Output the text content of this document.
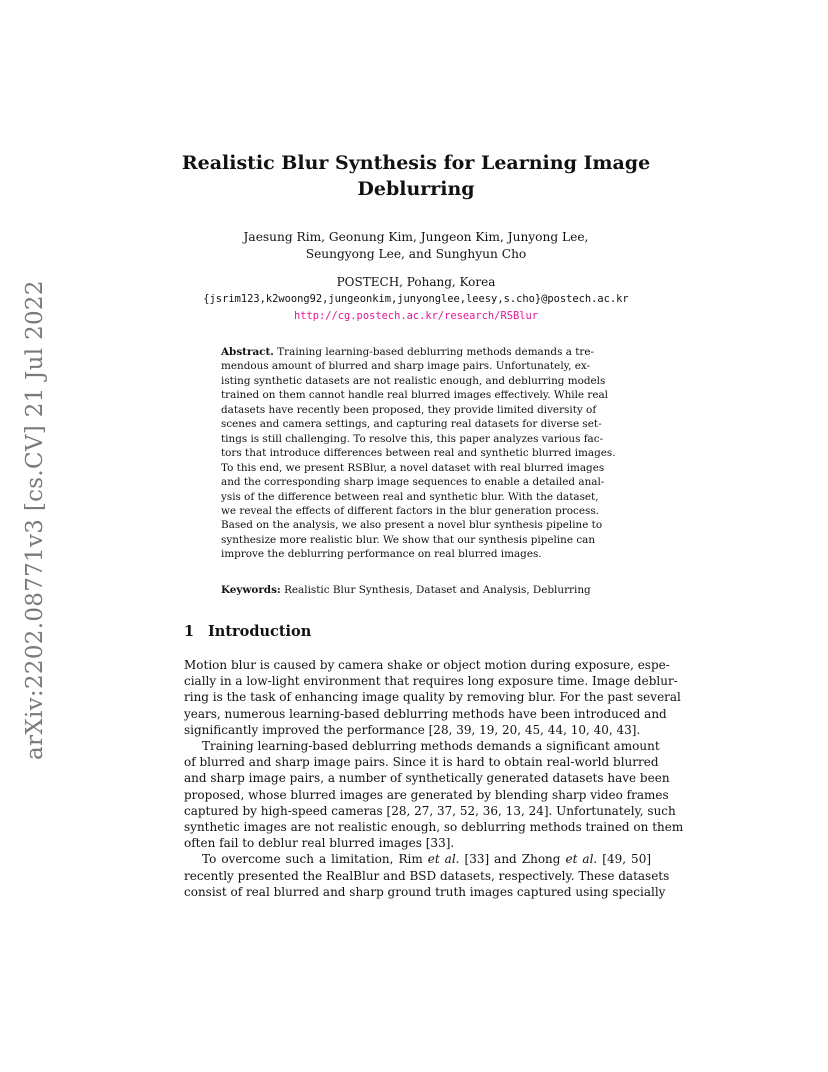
arXiv:2202.08771v3 [cs.CV] 21 Jul 2022
Realistic Blur Synthesis for Learning Image
Deblurring
Jaesung Rim, Geonung Kim, Jungeon Kim, Junyong Lee,
Seungyong Lee, and Sunghyun Cho
POSTECH, Pohang, Korea
{jsrim123,k2woong92,jungeonkim,junyonglee,leesy,s.cho}@postech.ac.kr
http://cg.postech.ac.kr/research/RSBlur
Abstract. Training learning-based deblurring methods demands a tre-
mendous amount of blurred and sharp image pairs. Unfortunately, ex-
isting synthetic datasets are not realistic enough, and deblurring models
trained on them cannot handle real blurred images effectively. While real
datasets have recently been proposed, they provide limited diversity of
scenes and camera settings, and capturing real datasets for diverse set-
tings is still challenging. To resolve this, this paper analyzes various fac-
tors that introduce differences between real and synthetic blurred images.
To this end, we present RSBlur, a novel dataset with real blurred images
and the corresponding sharp image sequences to enable a detailed anal-
ysis of the difference between real and synthetic blur. With the dataset,
we reveal the effects of different factors in the blur generation process.
Based on the analysis, we also present a novel blur synthesis pipeline to
synthesize more realistic blur. We show that our synthesis pipeline can
improve the deblurring performance on real blurred images.
Keywords: Realistic Blur Synthesis, Dataset and Analysis, Deblurring
1 Introduction
Motion blur is caused by camera shake or object motion during exposure, espe-
cially in a low-light environment that requires long exposure time. Image deblur-
ring is the task of enhancing image quality by removing blur. For the past several
years, numerous learning-based deblurring methods have been introduced and
significantly improved the performance [28, 39, 19, 20, 45, 44, 10, 40, 43].
Training learning-based deblurring methods demands a significant amount
of blurred and sharp image pairs. Since it is hard to obtain real-world blurred
and sharp image pairs, a number of synthetically generated datasets have been
proposed, whose blurred images are generated by blending sharp video frames
captured by high-speed cameras [28, 27, 37, 52, 36, 13, 24]. Unfortunately, such
synthetic images are not realistic enough, so deblurring methods trained on them
often fail to deblur real blurred images [33].
To overcome such a limitation, Rim et al. [33] and Zhong et al. [49, 50]
recently presented the RealBlur and BSD datasets, respectively. These datasets
consist of real blurred and sharp ground truth images captured using specially
